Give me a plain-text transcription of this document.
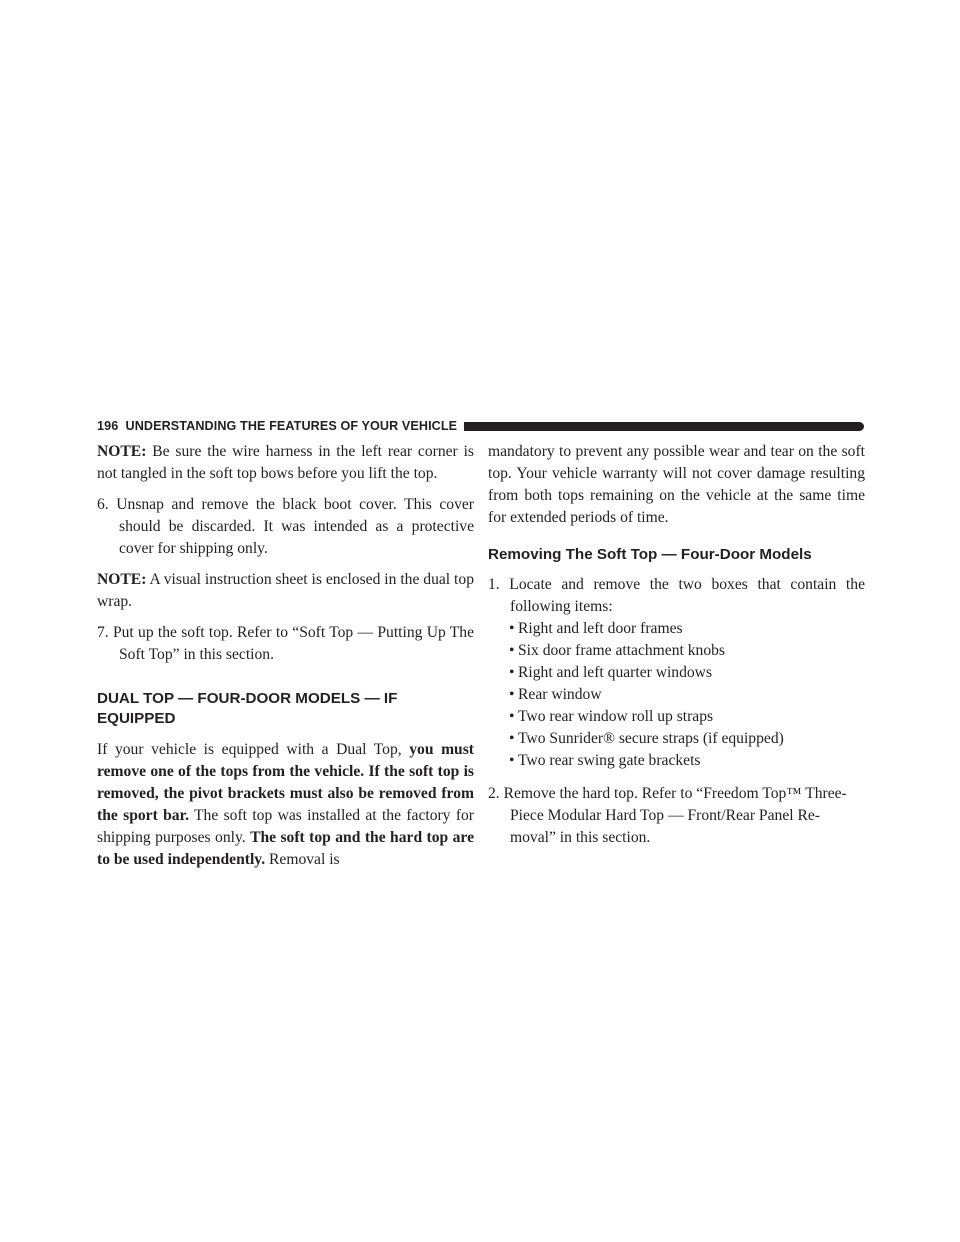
196 UNDERSTANDING THE FEATURES OF YOUR VEHICLE

NOTE: Be sure the wire harness in the left rear corner is not tangled in the soft top bows before you lift the top.

6. Unsnap and remove the black boot cover. This cover should be discarded. It was intended as a protective cover for shipping only.

NOTE: A visual instruction sheet is enclosed in the dual top wrap.

7. Put up the soft top. Refer to “Soft Top — Putting Up The Soft Top” in this section.

DUAL TOP — FOUR-DOOR MODELS — IF EQUIPPED

If your vehicle is equipped with a Dual Top, you must remove one of the tops from the vehicle. If the soft top is removed, the pivot brackets must also be removed from the sport bar. The soft top was installed at the factory for shipping purposes only. The soft top and the hard top are to be used independently. Removal is

mandatory to prevent any possible wear and tear on the soft top. Your vehicle warranty will not cover damage resulting from both tops remaining on the vehicle at the same time for extended periods of time.

Removing The Soft Top — Four-Door Models

1. Locate and remove the two boxes that contain the following items:

• Right and left door frames

• Six door frame attachment knobs

• Right and left quarter windows

• Rear window

• Two rear window roll up straps

• Two Sunrider® secure straps (if equipped)

• Two rear swing gate brackets

2. Remove the hard top. Refer to “Freedom Top™ Three-Piece Modular Hard Top — Front/Rear Panel Re-moval” in this section.
